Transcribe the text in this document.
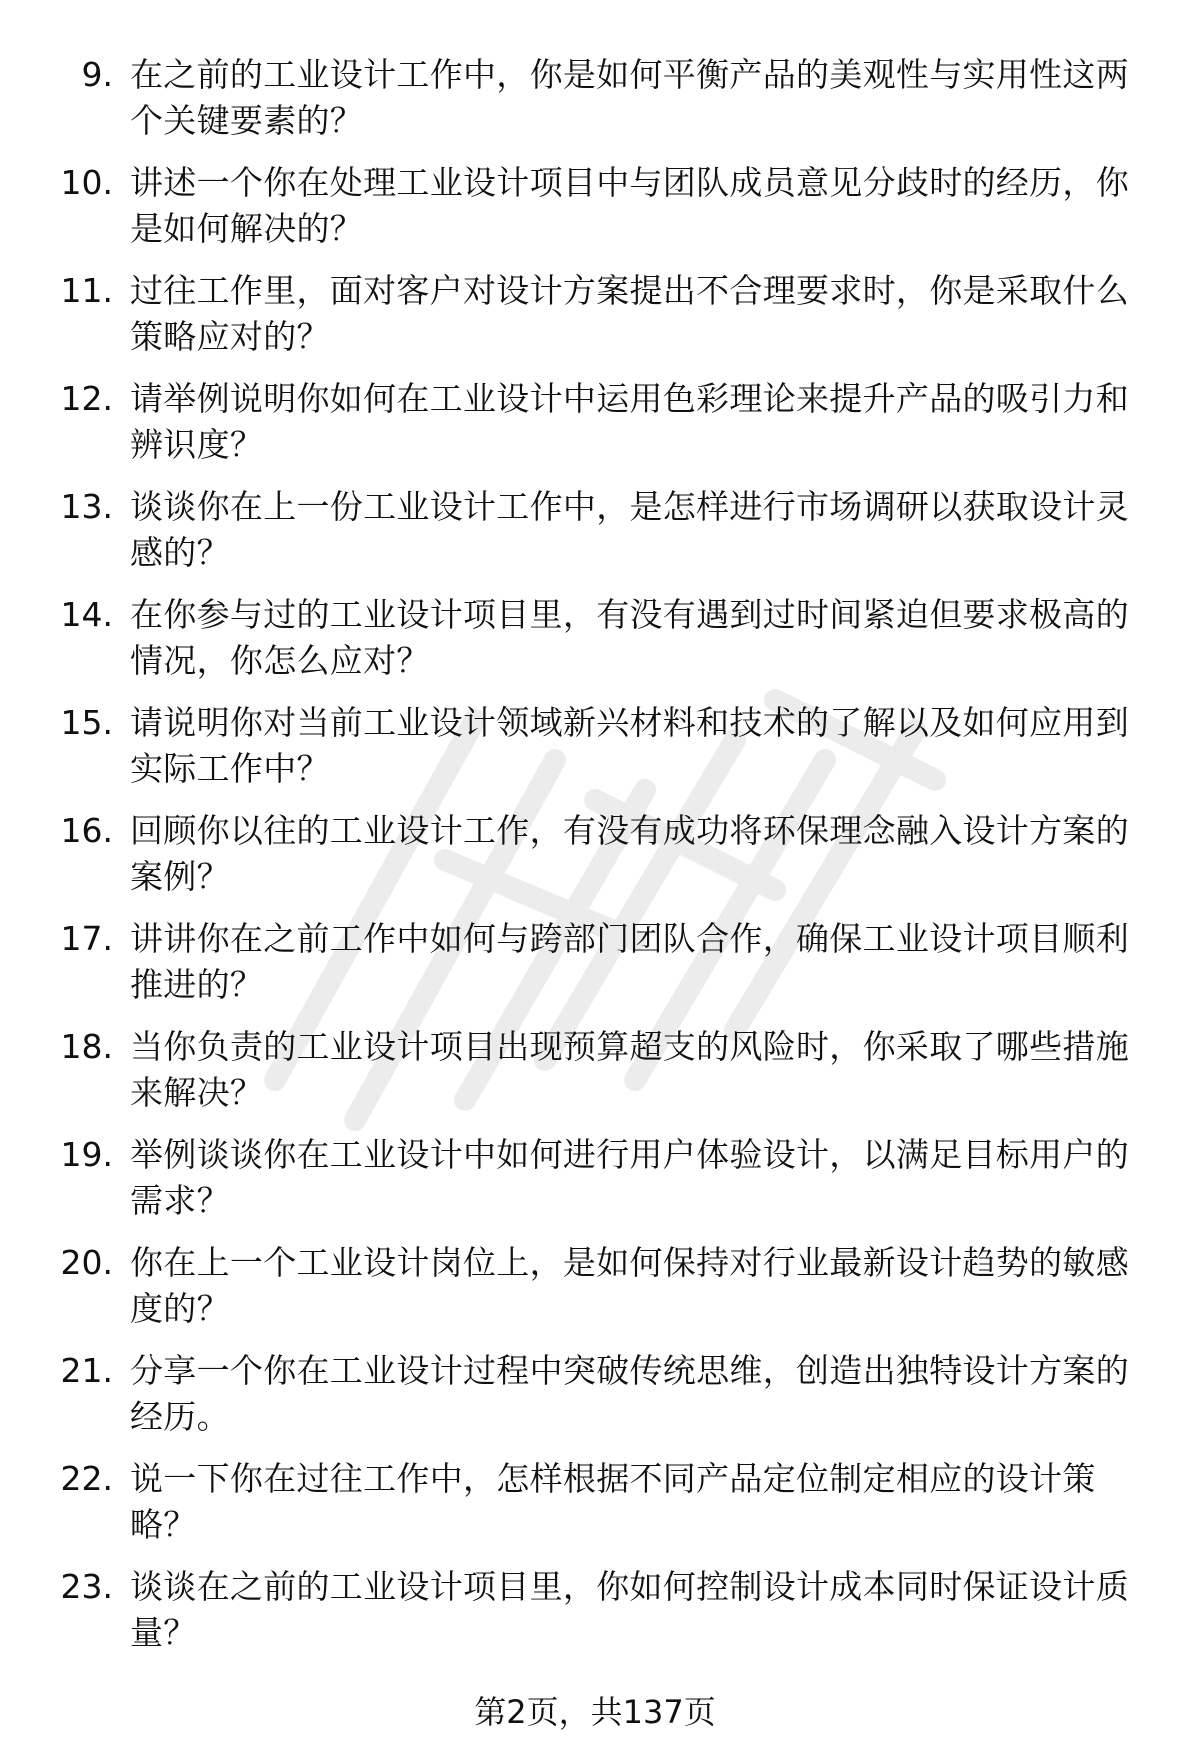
9. 在之前的工业设计工作中，你是如何平衡产品的美观性与实用性这两个关键要素的？
10. 讲述一个你在处理工业设计项目中与团队成员意见分歧时的经历，你是如何解决的？
11. 过往工作里，面对客户对设计方案提出不合理要求时，你是采取什么策略应对的？
12. 请举例说明你如何在工业设计中运用色彩理论来提升产品的吸引力和辨识度？
13. 谈谈你在上一份工业设计工作中，是怎样进行市场调研以获取设计灵感的？
14. 在你参与过的工业设计项目里，有没有遇到过时间紧迫但要求极高的情况，你怎么应对？
15. 请说明你对当前工业设计领域新兴材料和技术的了解以及如何应用到实际工作中？
16. 回顾你以往的工业设计工作，有没有成功将环保理念融入设计方案的案例？
17. 讲讲你在之前工作中如何与跨部门团队合作，确保工业设计项目顺利推进的？
18. 当你负责的工业设计项目出现预算超支的风险时，你采取了哪些措施来解决？
19. 举例谈谈你在工业设计中如何进行用户体验设计，以满足目标用户的需求？
20. 你在上一个工业设计岗位上，是如何保持对行业最新设计趋势的敏感度的？
21. 分享一个你在工业设计过程中突破传统思维，创造出独特设计方案的经历。
22. 说一下你在过往工作中，怎样根据不同产品定位制定相应的设计策略？
23. 谈谈在之前的工业设计项目里，你如何控制设计成本同时保证设计质量？
第2页，共137页
